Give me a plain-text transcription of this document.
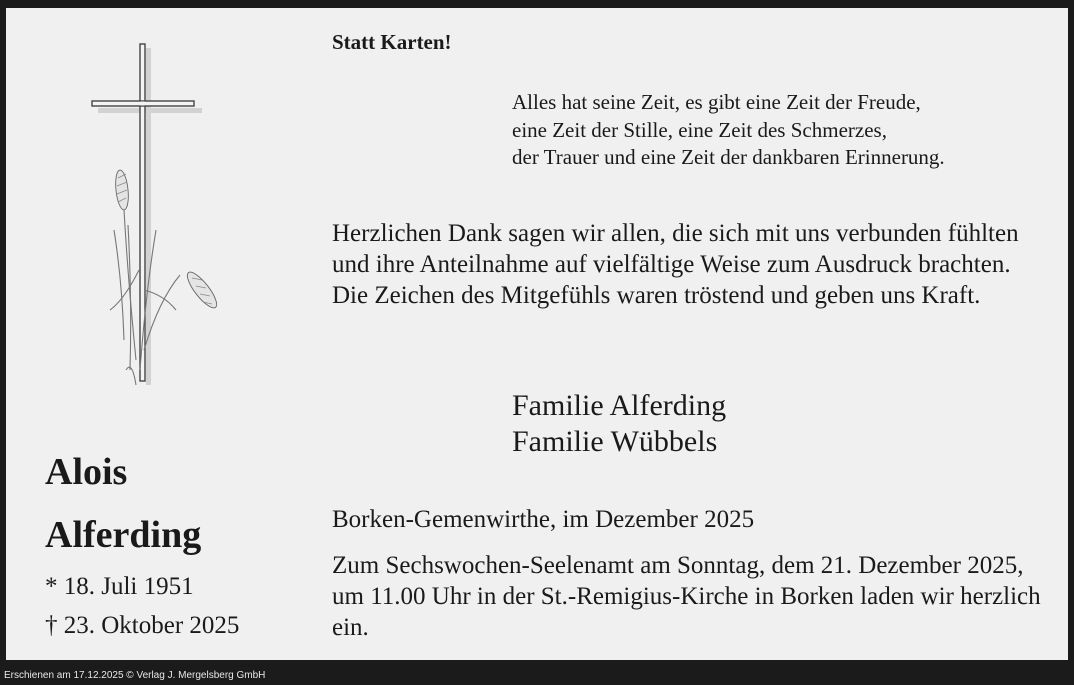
Statt Karten!

Alles hat seine Zeit, es gibt eine Zeit der Freude,
eine Zeit der Stille, eine Zeit des Schmerzes,
der Trauer und eine Zeit der dankbaren Erinnerung.

Herzlichen Dank sagen wir allen, die sich mit uns verbunden fühlten und ihre Anteilnahme auf vielfältige Weise zum Ausdruck brachten. Die Zeichen des Mitgefühls waren tröstend und geben uns Kraft.

Familie Alferding
Familie Wübbels

Borken-Gemenwirthe, im Dezember 2025

Zum Sechswochen-Seelenamt am Sonntag, dem 21. Dezember 2025, um 11.00 Uhr in der St.-Remigius-Kirche in Borken laden wir herzlich ein.

Alois

Alferding

* 18. Juli 1951

† 23. Oktober 2025

Erschienen am 17.12.2025 © Verlag J. Mergelsberg GmbH
